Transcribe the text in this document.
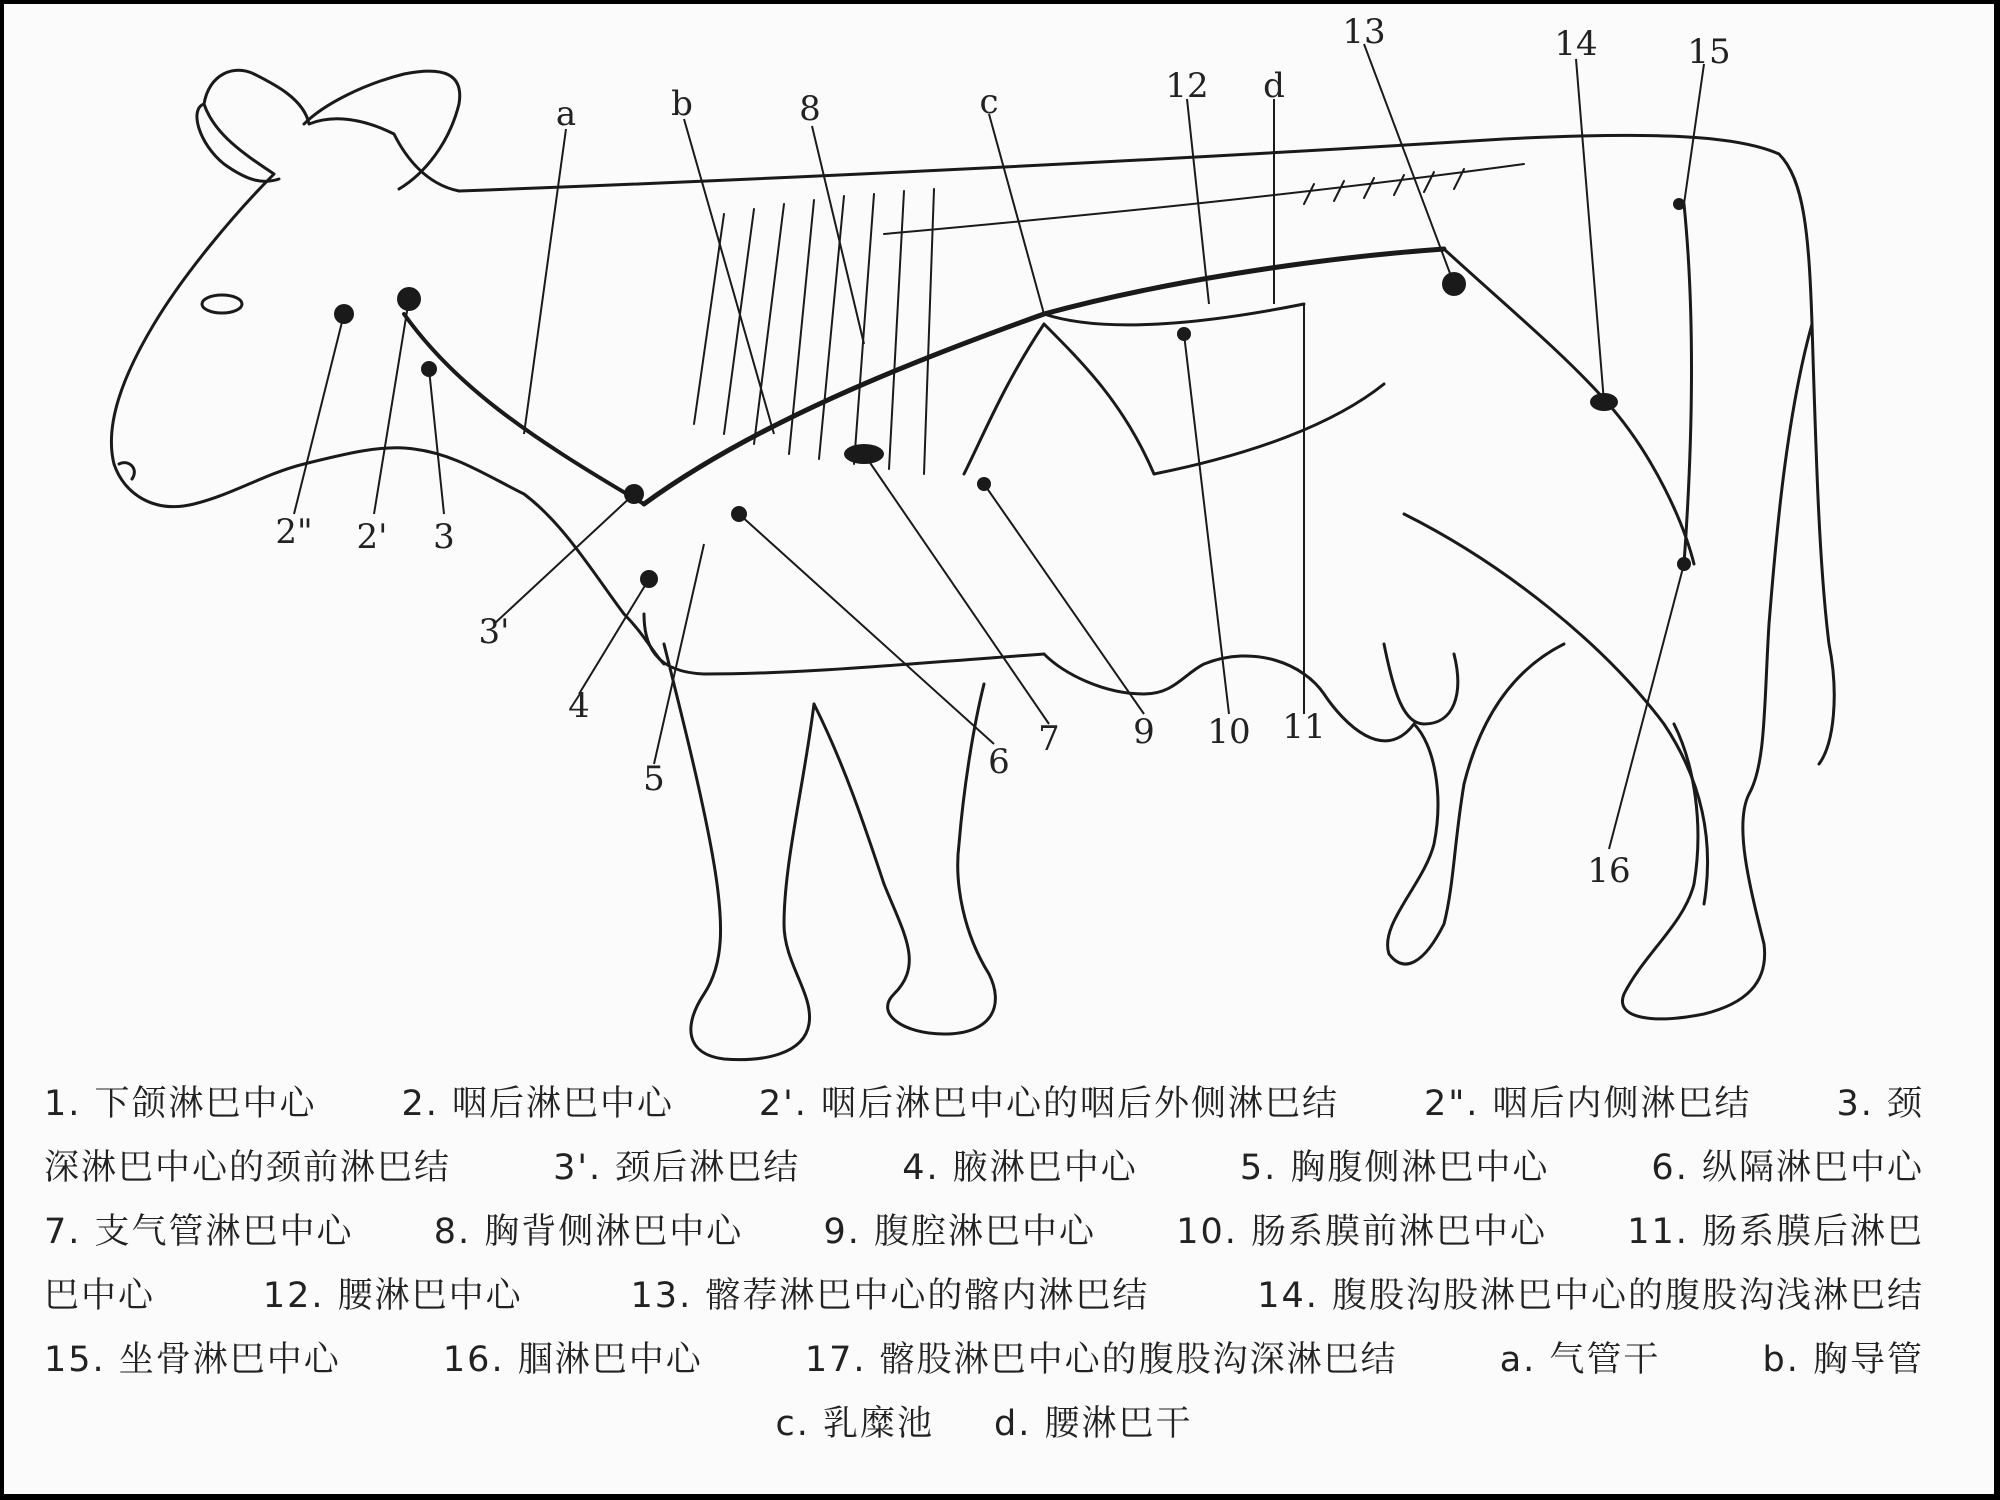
a	b	8	c	12 d
13	14	15
2" 2' 3
3'
4
5	6
7 9 10 11
16
1. 下颌淋巴中心 2. 咽后淋巴中心 2'. 咽后淋巴中心的咽后外侧淋巴结 2". 咽后内侧淋巴结 3. 颈
深淋巴中心的颈前淋巴结	3'. 颈后淋巴结	4. 腋淋巴中心	5. 胸腹侧淋巴中心	6. 纵隔淋巴中心
7. 支气管淋巴中心 8. 胸背侧淋巴中心 9. 腹腔淋巴中心 10. 肠系膜前淋巴中心 11. 肠系膜后淋巴
巴中心	12. 腰淋巴中心	13. 髂荐淋巴中心的髂内淋巴结	14. 腹股沟股淋巴中心的腹股沟浅淋巴结
15. 坐骨淋巴中心	16. 腘淋巴中心	17. 髂股淋巴中心的腹股沟深淋巴结	a. 气管干	b. 胸导管
c. 乳糜池 d. 腰淋巴干
